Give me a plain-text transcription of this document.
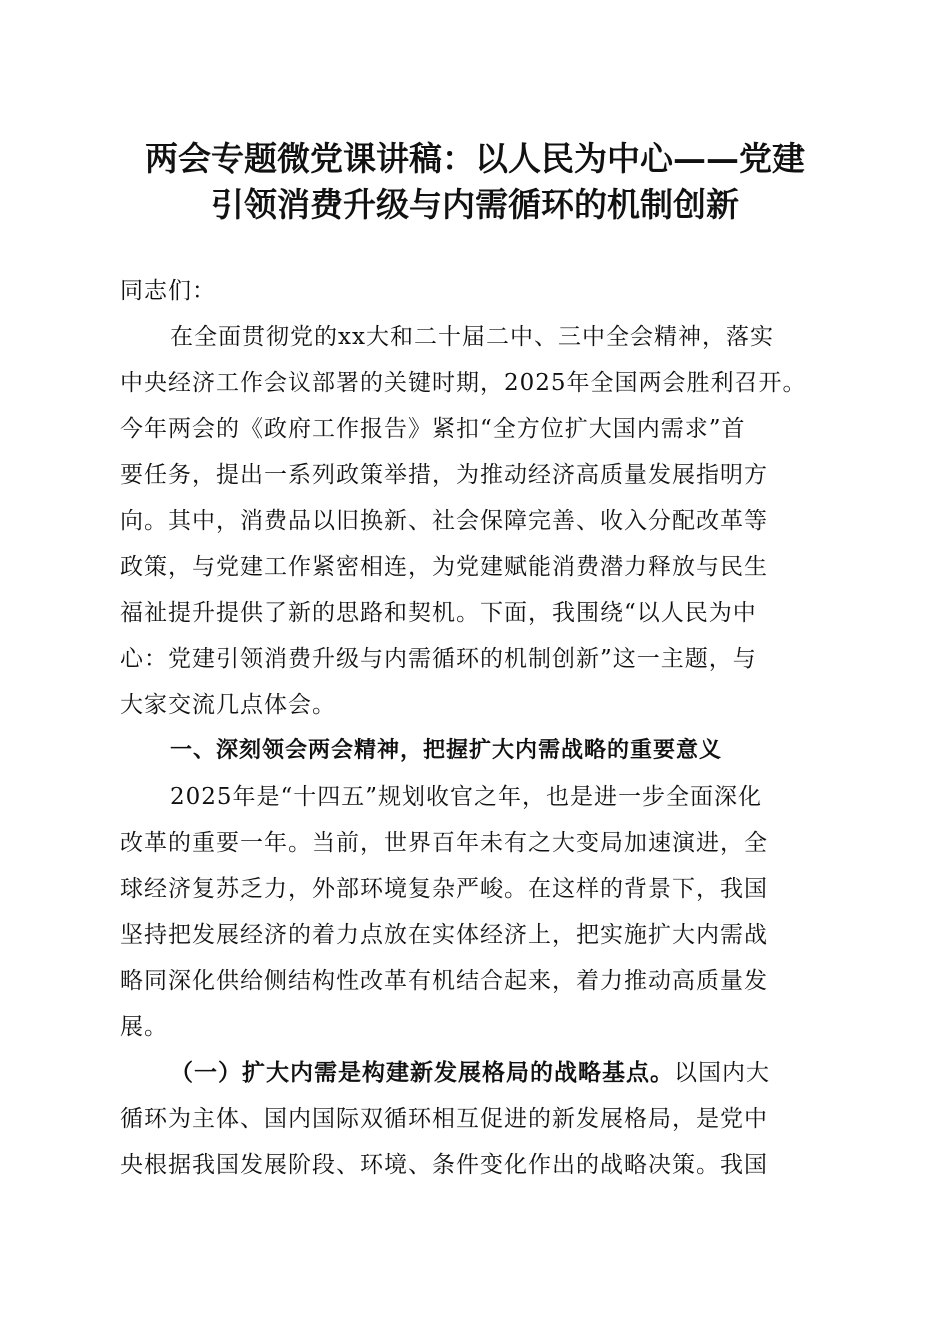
两会专题微党课讲稿：以人民为中心——党建
引领消费升级与内需循环的机制创新
同志们：
在全面贯彻党的xx大和二十届二中、三中全会精神，落实
中央经济工作会议部署的关键时期，2025年全国两会胜利召开。
今年两会的《政府工作报告》紧扣“全方位扩大国内需求”首
要任务，提出一系列政策举措，为推动经济高质量发展指明方
向。其中，消费品以旧换新、社会保障完善、收入分配改革等
政策，与党建工作紧密相连，为党建赋能消费潜力释放与民生
福祉提升提供了新的思路和契机。下面，我围绕“以人民为中
心：党建引领消费升级与内需循环的机制创新”这一主题，与
大家交流几点体会。
一、深刻领会两会精神，把握扩大内需战略的重要意义
2025年是“十四五”规划收官之年，也是进一步全面深化
改革的重要一年。当前，世界百年未有之大变局加速演进，全
球经济复苏乏力，外部环境复杂严峻。在这样的背景下，我国
坚持把发展经济的着力点放在实体经济上，把实施扩大内需战
略同深化供给侧结构性改革有机结合起来，着力推动高质量发
展。
（一）扩大内需是构建新发展格局的战略基点。以国内大
循环为主体、国内国际双循环相互促进的新发展格局，是党中
央根据我国发展阶段、环境、条件变化作出的战略决策。我国
